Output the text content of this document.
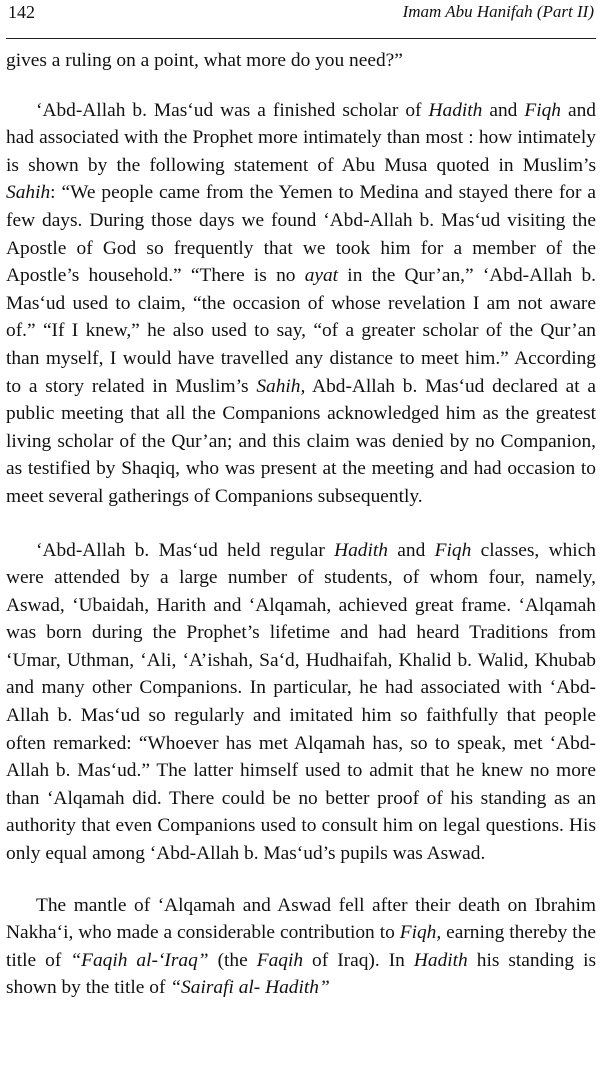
142	Imam Abu Hanifah (Part II)

gives a ruling on a point, what more do you need?”

‘Abd-Allah b. Mas‘ud was a finished scholar of Hadith and Fiqh and had associated with the Prophet more intimately than most : how intimately is shown by the following statement of Abu Musa quoted in Muslim’s Sahih: “We people came from the Yemen to Medina and stayed there for a few days. During those days we found ‘Abd-Allah b. Mas‘ud visiting the Apostle of God so frequently that we took him for a member of the Apostle’s household.” “There is no ayat in the Qur’an,” ‘Abd-Allah b. Mas‘ud used to claim, “the occasion of whose revelation I am not aware of.” “If I knew,” he also used to say, “of a greater scholar of the Qur’an than myself, I would have travelled any distance to meet him.” According to a story related in Muslim’s Sahih, Abd-Allah b. Mas‘ud declared at a public meeting that all the Companions acknowledged him as the greatest living scholar of the Qur’an; and this claim was denied by no Companion, as testified by Shaqiq, who was present at the meeting and had occasion to meet several gatherings of Companions subsequently.

‘Abd-Allah b. Mas‘ud held regular Hadith and Fiqh classes, which were attended by a large number of students, of whom four, namely, Aswad, ‘Ubaidah, Harith and ‘Alqamah, achieved great frame. ‘Alqamah was born during the Prophet’s lifetime and had heard Traditions from ‘Umar, Uthman, ‘Ali, ‘A’ishah, Sa‘d, Hudhaifah, Khalid b. Walid, Khubab and many other Companions. In particular, he had associated with ‘Abd-Allah b. Mas‘ud so regularly and imitated him so faithfully that people often remarked: “Whoever has met Alqamah has, so to speak, met ‘Abd-Allah b. Mas‘ud.” The latter himself used to admit that he knew no more than ‘Alqamah did. There could be no better proof of his standing as an authority that even Companions used to consult him on legal questions. His only equal among ‘Abd-Allah b. Mas‘ud’s pupils was Aswad.

The mantle of ‘Alqamah and Aswad fell after their death on Ibrahim Nakha‘i, who made a considerable contribution to Fiqh, earning thereby the title of “Faqih al-‘Iraq” (the Faqih of Iraq). In Hadith his standing is shown by the title of “Sairafi al- Hadith”
